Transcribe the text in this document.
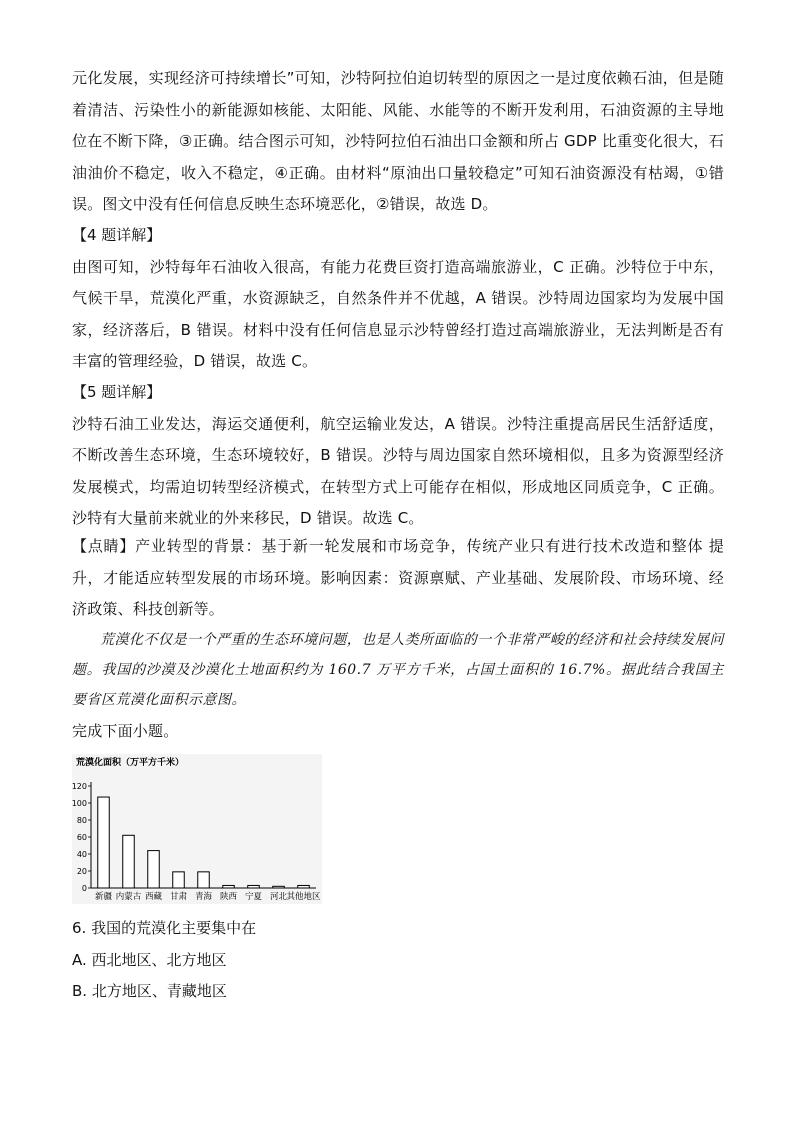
元化发展，实现经济可持续增长”可知，沙特阿拉伯迫切转型的原因之一是过度依赖石油，但是随着清洁、污染性小的新能源如核能、太阳能、风能、水能等的不断开发利用，石油资源的主导地位在不断下降，③正确。结合图示可知，沙特阿拉伯石油出口金额和所占 GDP 比重变化很大，石油油价不稳定，收入不稳定，④正确。由材料“原油出口量较稳定”可知石油资源没有枯竭，①错误。图文中没有任何信息反映生态环境恶化，②错误，故选 D。

【4 题详解】

由图可知，沙特每年石油收入很高，有能力花费巨资打造高端旅游业，C 正确。沙特位于中东，气候干旱，荒漠化严重，水资源缺乏，自然条件并不优越，A 错误。沙特周边国家均为发展中国家，经济落后，B 错误。材料中没有任何信息显示沙特曾经打造过高端旅游业，无法判断是否有丰富的管理经验，D 错误，故选 C。

【5 题详解】

沙特石油工业发达，海运交通便利，航空运输业发达，A 错误。沙特注重提高居民生活舒适度，不断改善生态环境，生态环境较好，B 错误。沙特与周边国家自然环境相似，且多为资源型经济发展模式，均需迫切转型经济模式，在转型方式上可能存在相似，形成地区同质竞争，C 正确。沙特有大量前来就业的外来移民，D 错误。故选 C。

【点睛】产业转型的背景：基于新一轮发展和市场竞争，传统产业只有进行技术改造和整体 提升，才能适应转型发展的市场环境。影响因素：资源禀赋、产业基础、发展阶段、市场环境、经济政策、科技创新等。

荒漠化不仅是一个严重的生态环境问题，也是人类所面临的一个非常严峻的经济和社会持续发展问题。我国的沙漠及沙漠化土地面积约为 160.7 万平方千米，占国土面积的 16.7%。据此结合我国主要省区荒漠化面积示意图。

完成下面小题。

荒漠化面积（万平方千米）
0
20
40
60
80
100
120
新疆 内蒙古 西藏 甘肃 青海 陕西 宁夏 河北 其他地区

6. 我国的荒漠化主要集中在

A. 西北地区、北方地区

B. 北方地区、青藏地区
